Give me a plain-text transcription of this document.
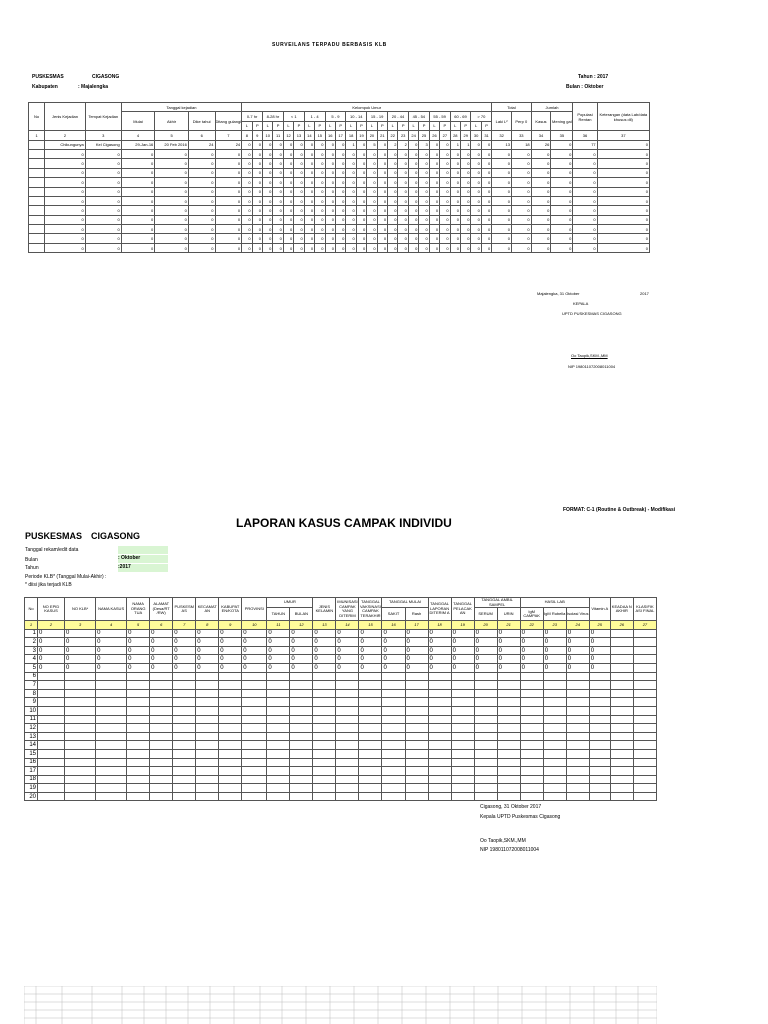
SURVEILANS TERPADU BERBASIS KLB
PUSKESMAS	CIGASONG
Kabupaten	: Majalengka
Tahun : 2017
Bulan : Oktober
No	Jenis Kejadian	Tempat Kejadian	Tanggal kejadian				Kelompok Umur																								Total		Jumlah		Populasi Rentan	Keterangan (data Lab/data khusus dll)
			Mulai	Akhir	Dike tahui	Ditang gulangi	0-7 hr		8-28 hr		< 1		1 - 4		5 - 9		10 - 14		15 - 19		20 - 44		45 - 54		55 - 59		60 - 69		> 70		Laki L²	Perp 0	Kasus	Mening gal		
							L	P	L	P	L	P	L	P	L	P	L	P	L	P	L	P	L	P	L	P	L	P	L	P						
1	2	3	4	5	6	7	8	9	10	11	12	13	14	15	16	17	18	19	20	21	22	23	24	25	26	27	28	29	30	31	32	33	34	35	36	37
	Chikungunya	Kel Cigasong	29-Jan-16	20 Feb 2016	24	24	0	0	0	0	0	0	0	0	0	0	1	0	5	0	2	2	0	3	0	0	1	1	0	0	13	18	26	0	77	0
	0	0	0	0	0	0	0	0	0	0	0	0	0	0	0	0	0	0	0	0	0	0	0	0	0	0	0	0	0	0	0	0	0	0	0	0
	0	0	0	0	0	0	0	0	0	0	0	0	0	0	0	0	0	0	0	0	0	0	0	0	0	0	0	0	0	0	0	0	0	0	0	0
	0	0	0	0	0	0	0	0	0	0	0	0	0	0	0	0	0	0	0	0	0	0	0	0	0	0	0	0	0	0	0	0	0	0	0	0
	0	0	0	0	0	0	0	0	0	0	0	0	0	0	0	0	0	0	0	0	0	0	0	0	0	0	0	0	0	0	0	0	0	0	0	0
	0	0	0	0	0	0	0	0	0	0	0	0	0	0	0	0	0	0	0	0	0	0	0	0	0	0	0	0	0	0	0	0	0	0	0	0
	0	0	0	0	0	0	0	0	0	0	0	0	0	0	0	0	0	0	0	0	0	0	0	0	0	0	0	0	0	0	0	0	0	0	0	0
	0	0	0	0	0	0	0	0	0	0	0	0	0	0	0	0	0	0	0	0	0	0	0	0	0	0	0	0	0	0	0	0	0	0	0	0
	0	0	0	0	0	0	0	0	0	0	0	0	0	0	0	0	0	0	0	0	0	0	0	0	0	0	0	0	0	0	0	0	0	0	0	0
	0	0	0	0	0	0	0	0	0	0	0	0	0	0	0	0	0	0	0	0	0	0	0	0	0	0	0	0	0	0	0	0	0	0	0	0
	0	0	0	0	0	0	0	0	0	0	0	0	0	0	0	0	0	0	0	0	0	0	0	0	0	0	0	0	0	0	0	0	0	0	0	0
	0	0	0	0	0	0	0	0	0	0	0	0	0	0	0	0	0	0	0	0	0	0	0	0	0	0	0	0	0	0	0	0	0	0	0	0
Majalengka, 31 Oktober	2017
KEPALA
UPTD PUSKESMAS CIGASONG
Oo Taopik,SKM.,MM
NIP 198011072008011004
FORMAT: C-1 (Routine & Outbreak) - Modifikasi
LAPORAN KASUS CAMPAK INDIVIDU
PUSKESMAS CIGASONG
Tanggal rekam/edit data
Bulan	: Oktober
Tahun	:2017
Periode KLB* (Tanggal Mulai-Akhir) :
* diisi jika terjadi KLB
No	NO EPID KASUS	NO KLB*	NAMA KASUS	NAMA ORANG TUA	ALAMAT (Desa/RT /RW)	PUSKESM AS	KECAMAT AN	KABUPAT EN/KOTA	PROVINSI	UMUR		JENIS KELAMIN	IMUNISASI CAMPAK YANG DITERIM	TANGGAL VAKSINASI CAMPAK TERAKHIR	TANGGAL MULAI		TANGGAL LAPORAN DITERIM A	TANGGAL PELACAK AN	TANGGAL AMBIL SAMPEL		HASIL LAB			Vitamin A	KEADAA N AKHIR	KLASIFIK ASI FINAL
										TAHUN	BULAN				SAKIT	Rash			SERUM	URIN	IgM CAMPAK	IgM Rubella	Isolasi Virus			
1	2	3	4	5	6	7	8	9	10	11	12	13	14	15	16	17	18	19	20	21	22	23	24	25	26	27
1	0	0	0	0	0	0	0	0	0	0	0	0	0	0	0	0	0	0	0	0	0	0	0	0		
2	0	0	0	0	0	0	0	0	0	0	0	0	0	0	0	0	0	0	0	0	0	0	0	0		
3	0	0	0	0	0	0	0	0	0	0	0	0	0	0	0	0	0	0	0	0	0	0	0	0		
4	0	0	0	0	0	0	0	0	0	0	0	0	0	0	0	0	0	0	0	0	0	0	0	0		
5	0	0	0	0	0	0	0	0	0	0	0	0	0	0	0	0	0	0	0	0	0	0	0	0		
6																										
7																										
8																										
9																										
10																										
11																										
12																										
13																										
14																										
15																										
16																										
17																										
18																										
19																										
20																										
Cigasong, 31 Oktober 2017
Kepala UPTD Puskesmas Cigasong
Oo Taopik,SKM.,MM
NIP 198011072008011004
